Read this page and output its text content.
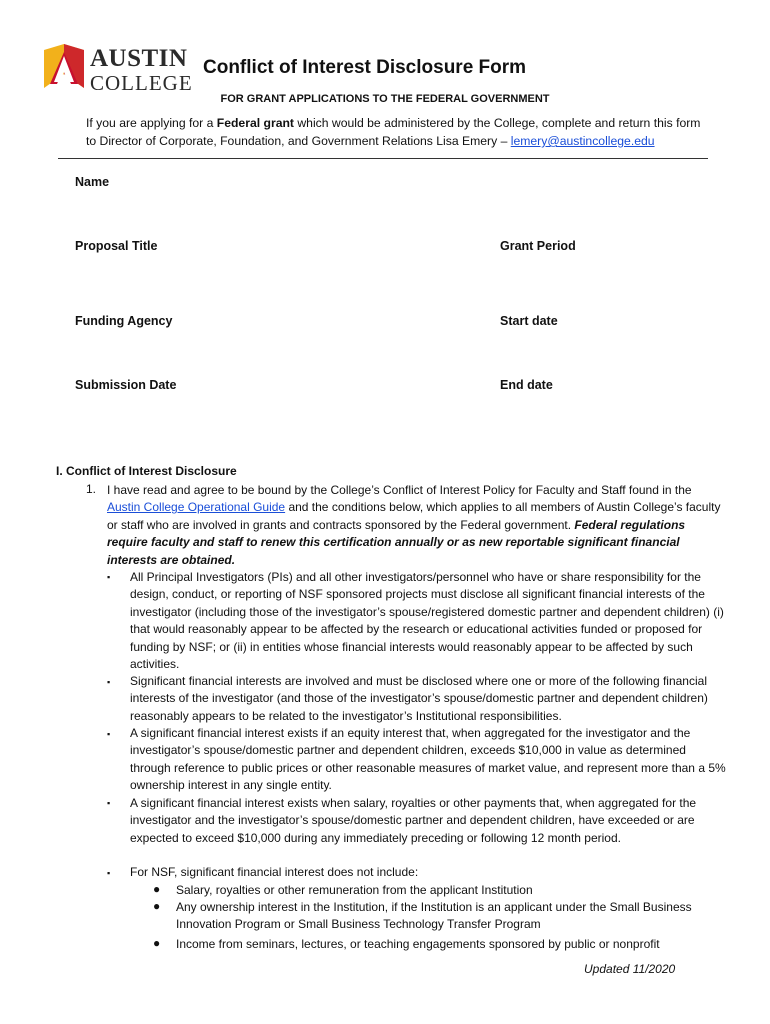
AUSTIN
COLLEGE
Conflict of Interest Disclosure Form
FOR GRANT APPLICATIONS TO THE FEDERAL GOVERNMENT
If you are applying for a Federal grant which would be administered by the College, complete and return this form to Director of Corporate, Foundation, and Government Relations Lisa Emery – lemery@austincollege.edu
Name
Proposal Title	Grant Period
Funding Agency	Start date
Submission Date	End date
I. Conflict of Interest Disclosure
1. I have read and agree to be bound by the College’s Conflict of Interest Policy for Faculty and Staff found in the Austin College Operational Guide and the conditions below, which applies to all members of Austin College’s faculty or staff who are involved in grants and contracts sponsored by the Federal government. Federal regulations require faculty and staff to renew this certification annually or as new reportable significant financial interests are obtained.
▪ All Principal Investigators (PIs) and all other investigators/personnel who have or share responsibility for the design, conduct, or reporting of NSF sponsored projects must disclose all significant financial interests of the investigator (including those of the investigator’s spouse/registered domestic partner and dependent children) (i) that would reasonably appear to be affected by the research or educational activities funded or proposed for funding by NSF; or (ii) in entities whose financial interests would reasonably appear to be affected by such activities.
▪ Significant financial interests are involved and must be disclosed where one or more of the following financial interests of the investigator (and those of the investigator’s spouse/domestic partner and dependent children) reasonably appears to be related to the investigator’s Institutional responsibilities.
▪ A significant financial interest exists if an equity interest that, when aggregated for the investigator and the investigator’s spouse/domestic partner and dependent children, exceeds $10,000 in value as determined through reference to public prices or other reasonable measures of market value, and represent more than a 5% ownership interest in any single entity.
▪ A significant financial interest exists when salary, royalties or other payments that, when aggregated for the investigator and the investigator’s spouse/domestic partner and dependent children, have exceeded or are expected to exceed $10,000 during any immediately preceding or following 12 month period.
▪ For NSF, significant financial interest does not include:
● Salary, royalties or other remuneration from the applicant Institution
● Any ownership interest in the Institution, if the Institution is an applicant under the Small Business Innovation Program or Small Business Technology Transfer Program
● Income from seminars, lectures, or teaching engagements sponsored by public or nonprofit
Updated 11/2020
